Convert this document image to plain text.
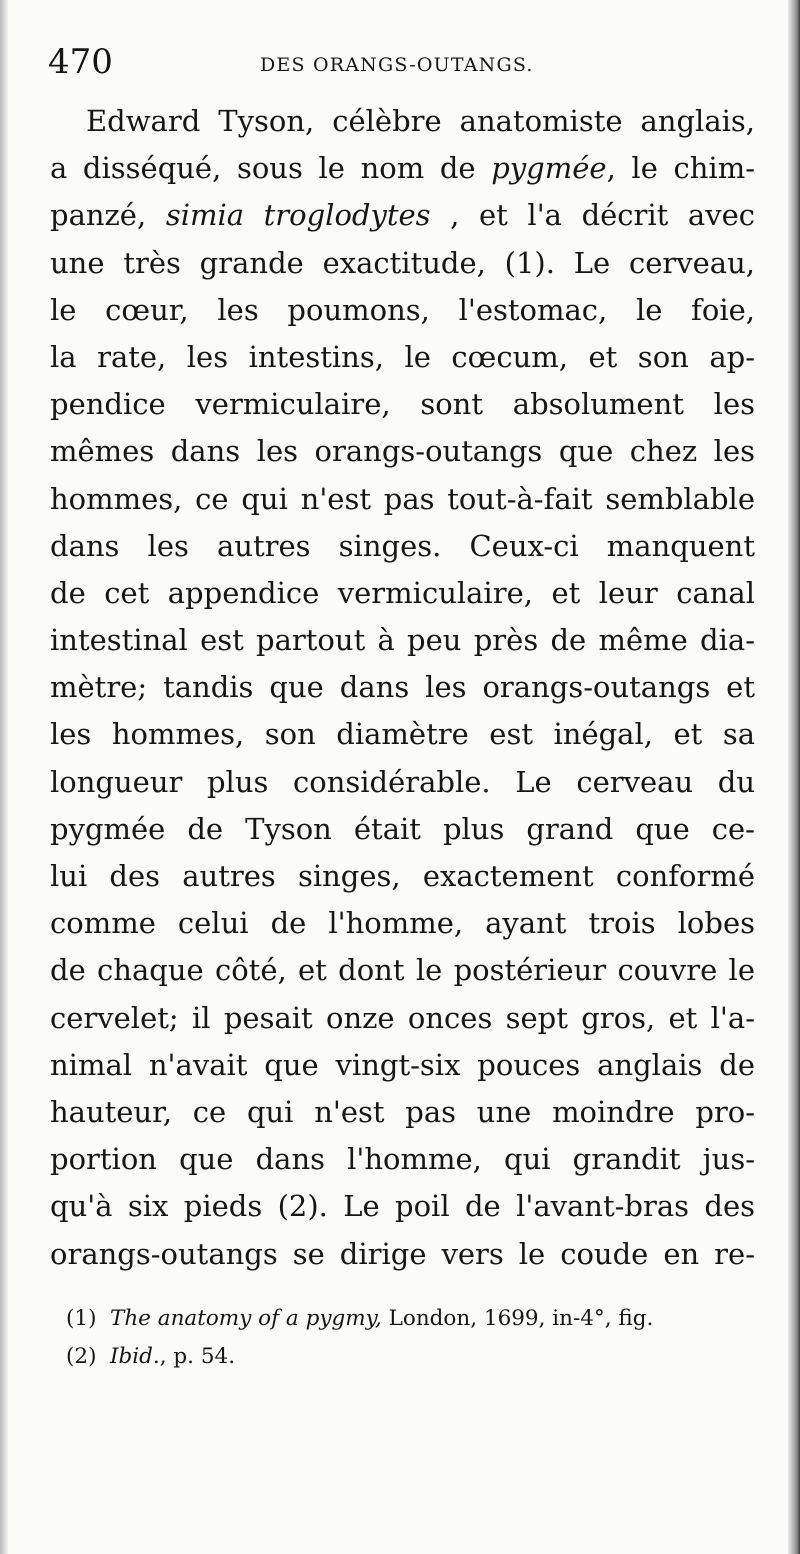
470	DES ORANGS-OUTANGS.
Edward Tyson, célèbre anatomiste anglais,
a disséqué, sous le nom de pygmée, le chim-
panzé, simia troglodytes , et l'a décrit avec
une très grande exactitude, (1). Le cerveau,
le cœur, les poumons, l'estomac, le foie,
la rate, les intestins, le cœcum, et son ap-
pendice vermiculaire, sont absolument les
mêmes dans les orangs-outangs que chez les
hommes, ce qui n'est pas tout-à-fait semblable
dans les autres singes. Ceux-ci manquent
de cet appendice vermiculaire, et leur canal
intestinal est partout à peu près de même dia-
mètre; tandis que dans les orangs-outangs et
les hommes, son diamètre est inégal, et sa
longueur plus considérable. Le cerveau du
pygmée de Tyson était plus grand que ce-
lui des autres singes, exactement conformé
comme celui de l'homme, ayant trois lobes
de chaque côté, et dont le postérieur couvre le
cervelet; il pesait onze onces sept gros, et l'a-
nimal n'avait que vingt-six pouces anglais de
hauteur, ce qui n'est pas une moindre pro-
portion que dans l'homme, qui grandit jus-
qu'à six pieds (2). Le poil de l'avant-bras des
orangs-outangs se dirige vers le coude en re-
(1) The anatomy of a pygmy, London, 1699, in-4°, fig.
(2) Ibid., p. 54.
